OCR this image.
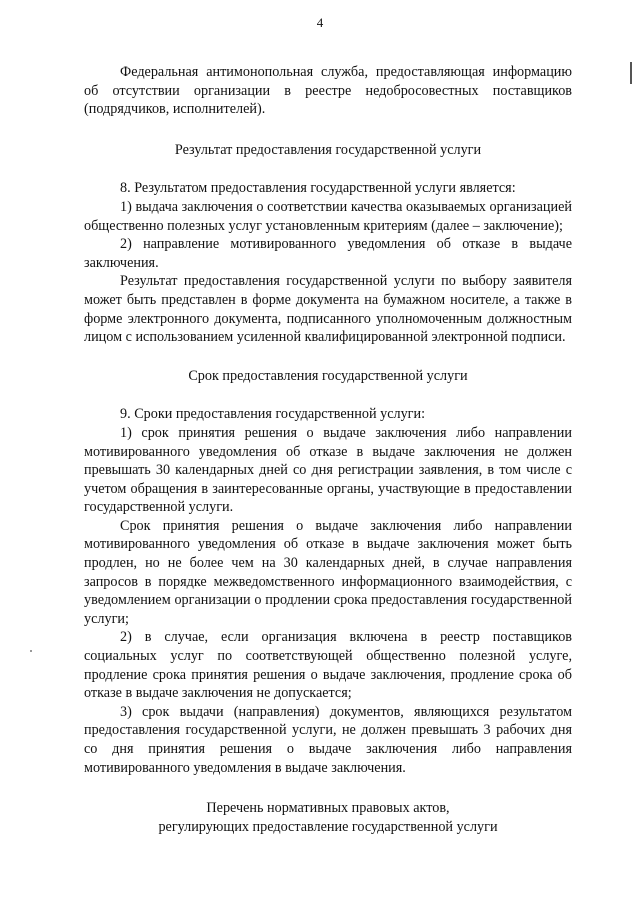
4

Федеральная антимонопольная служба, предоставляющая информацию об отсутствии организации в реестре недобросовестных поставщиков (подрядчиков, исполнителей).

Результат предоставления государственной услуги

8. Результатом предоставления государственной услуги является:

1) выдача заключения о соответствии качества оказываемых организацией общественно полезных услуг установленным критериям (далее – заключение);

2) направление мотивированного уведомления об отказе в выдаче заключения.

Результат предоставления государственной услуги по выбору заявителя может быть представлен в форме документа на бумажном носителе, а также в форме электронного документа, подписанного уполномоченным должностным лицом с использованием усиленной квалифицированной электронной подписи.

Срок предоставления государственной услуги

9. Сроки предоставления государственной услуги:

1) срок принятия решения о выдаче заключения либо направлении мотивированного уведомления об отказе в выдаче заключения не должен превышать 30 календарных дней со дня регистрации заявления, в том числе с учетом обращения в заинтересованные органы, участвующие в предоставлении государственной услуги.

Срок принятия решения о выдаче заключения либо направлении мотивированного уведомления об отказе в выдаче заключения может быть продлен, но не более чем на 30 календарных дней, в случае направления запросов в порядке межведомственного информационного взаимодействия, с уведомлением организации о продлении срока предоставления государственной услуги;

2) в случае, если организация включена в реестр поставщиков социальных услуг по соответствующей общественно полезной услуге, продление срока принятия решения о выдаче заключения, продление срока об отказе в выдаче заключения не допускается;

3) срок выдачи (направления) документов, являющихся результатом предоставления государственной услуги, не должен превышать 3 рабочих дня со дня принятия решения о выдаче заключения либо направления мотивированного уведомления в выдаче заключения.

Перечень нормативных правовых актов,
регулирующих предоставление государственной услуги
